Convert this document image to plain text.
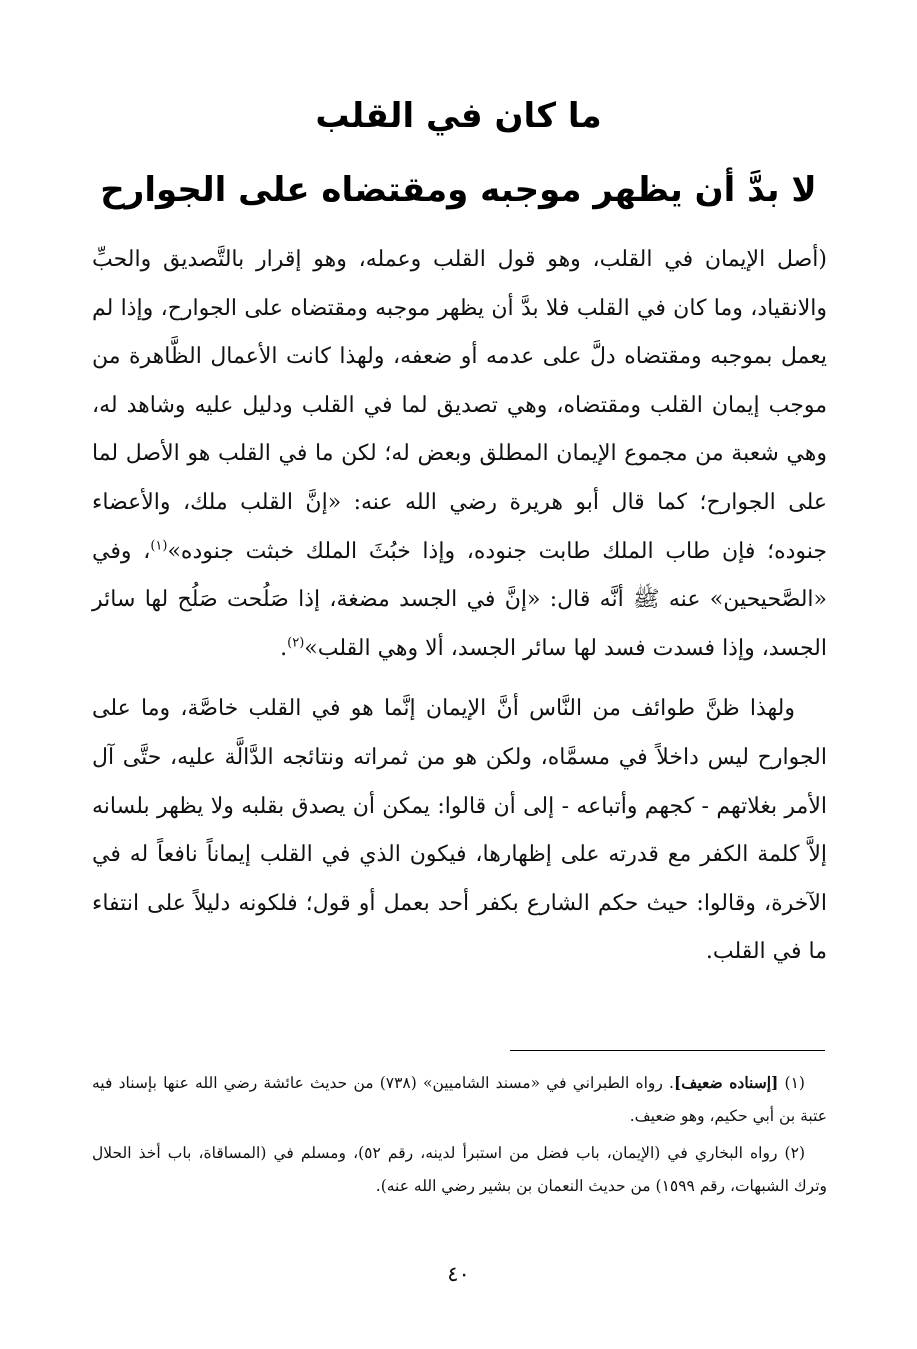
ما كان في القلب
لا بدَّ أن يظهر موجبه ومقتضاه على الجوارح

(أصل الإيمان في القلب، وهو قول القلب وعمله، وهو إقرار بالتَّصديق والحبِّ والانقياد، وما كان في القلب فلا بدَّ أن يظهر موجبه ومقتضاه على الجوارح، وإذا لم يعمل بموجبه ومقتضاه دلَّ على عدمه أو ضعفه، ولهذا كانت الأعمال الظَّاهرة من موجب إيمان القلب ومقتضاه، وهي تصديق لما في القلب ودليل عليه وشاهد له، وهي شعبة من مجموع الإيمان المطلق وبعض له؛ لكن ما في القلب هو الأصل لما على الجوارح؛ كما قال أبو هريرة رضي الله عنه: «إنَّ القلب ملك، والأعضاء جنوده؛ فإن طاب الملك طابت جنوده، وإذا خبُثَ الملك خبثت جنوده»$^{(١)}$، وفي «الصَّحيحين» عنه ﷺ أنَّه قال: «إنَّ في الجسد مضغة، إذا صَلُحت صَلُح لها سائر الجسد، وإذا فسدت فسد لها سائر الجسد، ألا وهي القلب»$^{(٢)}$.

ولهذا ظنَّ طوائف من النَّاس أنَّ الإيمان إنَّما هو في القلب خاصَّة، وما على الجوارح ليس داخلاً في مسمَّاه، ولكن هو من ثمراته ونتائجه الدَّالَّة عليه، حتَّى آل الأمر بغلاتهم - كجهم وأتباعه - إلى أن قالوا: يمكن أن يصدق بقلبه ولا يظهر بلسانه إلاَّ كلمة الكفر مع قدرته على إظهارها، فيكون الذي في القلب إيماناً نافعاً له في الآخرة، وقالوا: حيث حكم الشارع بكفر أحد بعمل أو قول؛ فلكونه دليلاً على انتفاء ما في القلب.

(١) [إسناده ضعيف]. رواه الطبراني في «مسند الشاميين» (٧٣٨) من حديث عائشة رضي الله عنها بإسناد فيه عتبة بن أبي حكيم، وهو ضعيف.

(٢) رواه البخاري في (الإيمان، باب فضل من استبرأ لدينه، رقم ٥٢)، ومسلم في (المساقاة، باب أخذ الحلال وترك الشبهات، رقم ١٥٩٩) من حديث النعمان بن بشير رضي الله عنه).

٤٠
